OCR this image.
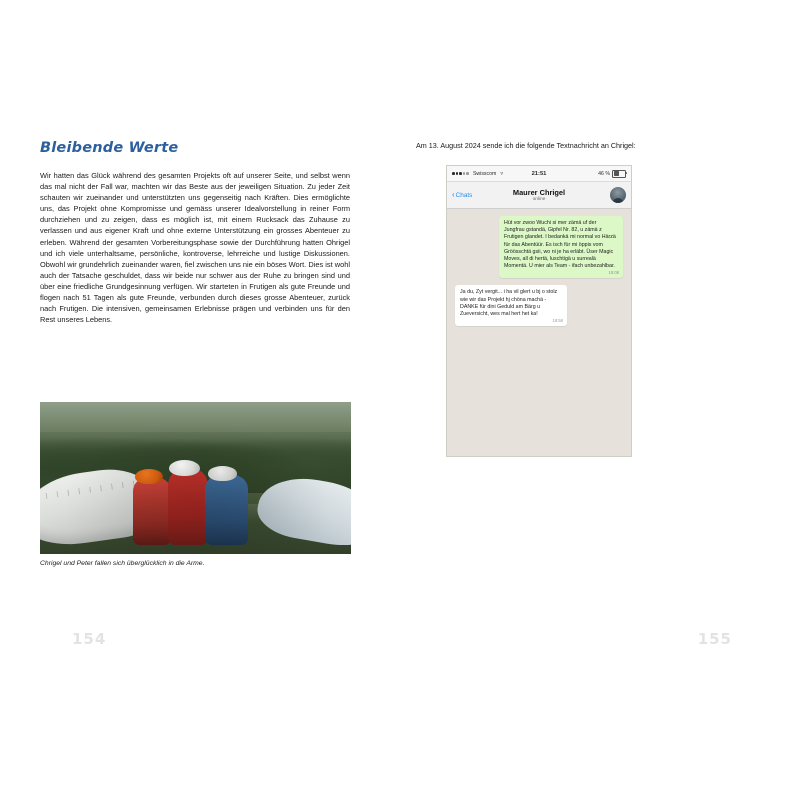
Bleibende Werte

Wir hatten das Glück während des gesamten Projekts oft auf unserer Seite, und selbst wenn das mal nicht der Fall war, machten wir das Beste aus der jeweiligen Situation. Zu jeder Zeit schauten wir zueinander und unterstützten uns gegenseitig nach Kräften. Dies ermöglichte uns, das Projekt ohne Kompromisse und gemäss unserer Idealvorstellung in reiner Form durchziehen und zu zeigen, dass es möglich ist, mit einem Rucksack das Zuhause zu verlassen und aus eigener Kraft und ohne externe Unterstützung ein grosses Abenteuer zu erleben. Während der gesamten Vorbereitungsphase sowie der Durchführung hatten Ohrigel und ich viele unterhaltsame, persönliche, kontroverse, lehrreiche und lustige Diskussionen. Obwohl wir grundehrlich zueinander waren, fiel zwischen uns nie ein böses Wort. Dies ist wohl auch der Tatsache geschuldet, dass wir beide nur schwer aus der Ruhe zu bringen sind und über eine friedliche Grundgesinnung verfügen. Wir starteten in Frutigen als gute Freunde und flogen nach 51 Tagen als gute Freunde, verbunden durch dieses grosse Abenteuer, zurück nach Frutigen. Die intensiven, gemeinsamen Erlebnisse prägen und verbinden uns für den Rest unseres Lebens.

Chrigel und Peter fallen sich überglücklich in die Arme.
154

Am 13. August 2024 sende ich die folgende Textnachricht an Chrigel:

Swisscom ▿	21:51	46 %
‹ Chats	Maurer Chrigel
online
Hüt vor zwoo Wuchi si mer zämä uf der Jungfrau gstandä, Gipfel Nr. 82, u zämä z Frutigen glandet. I bedankä mi normal vo Härzä für das Abentüür. Es isch für mi öppis vom Gröösschtä gsii, wo ni je ha erläbt. Üser Magic Moves, all di hertä, luschtigä u surrealä Momentä. U mier als Team - ifach unbezahlbar.
18:08
Ja du, Zyt vergit... i ha vil glert u bj o stolz wie wir das Projekt hj chöna machä - DANKE für dini Geduld am Bärg u Zueversicht, wes mal hert het ka!
18:58
155
